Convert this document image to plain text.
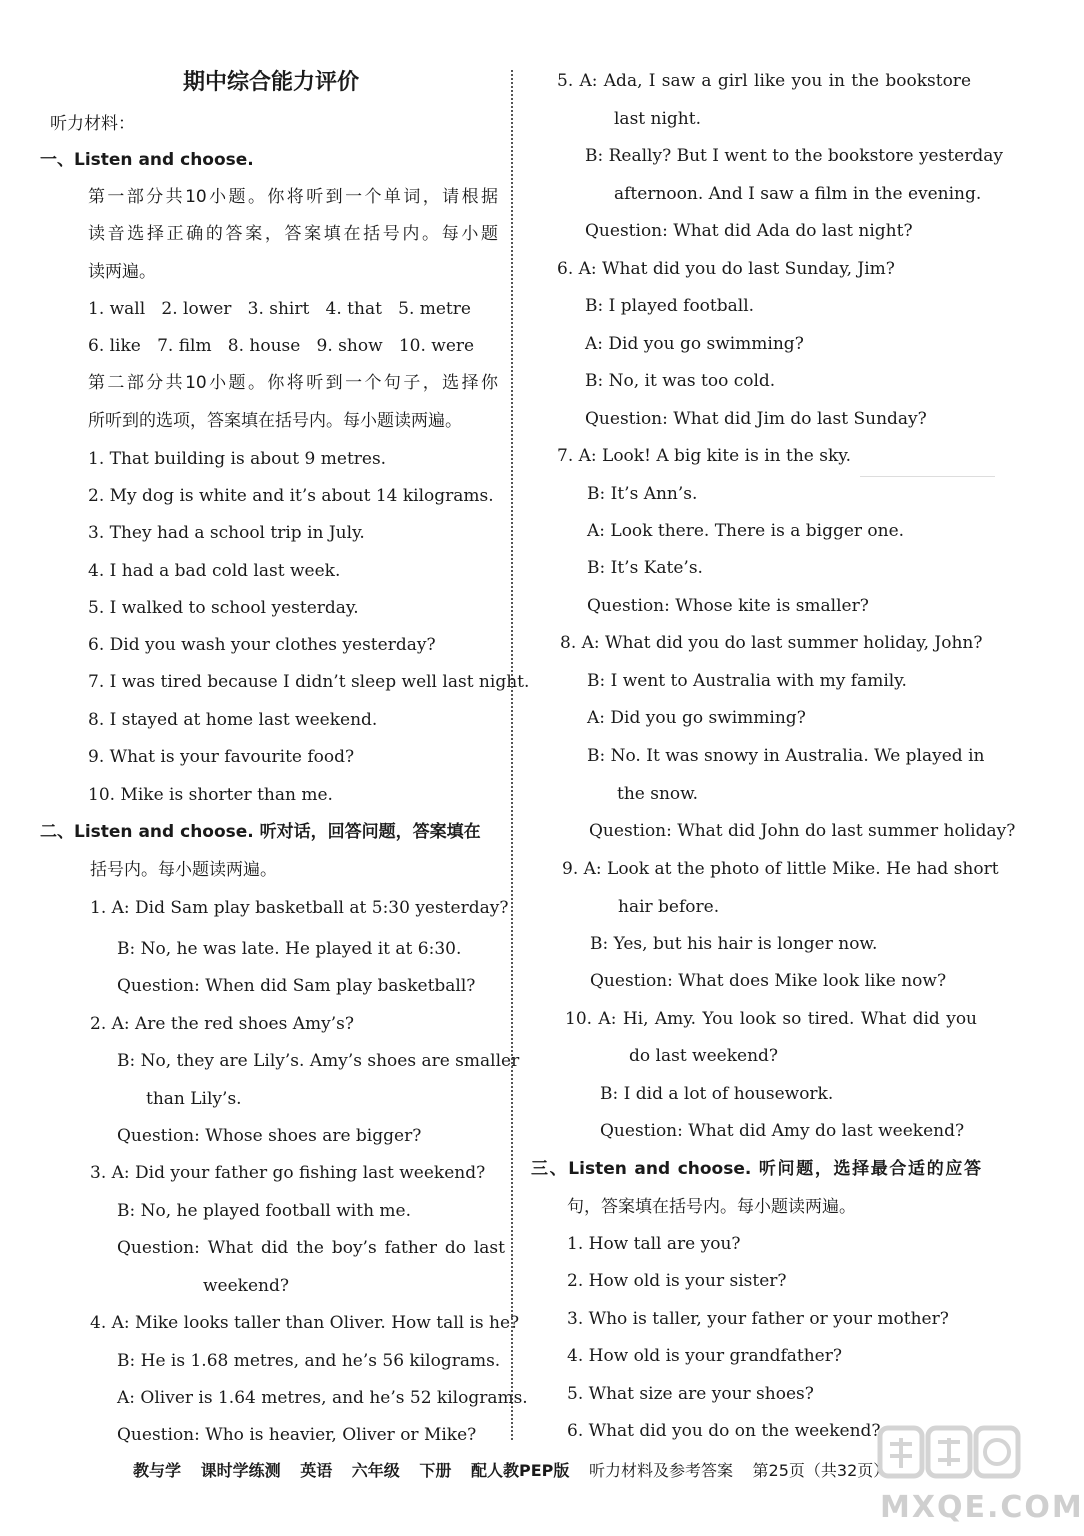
期中综合能力评价
听力材料：
一、Listen and choose.
第一部分共10小题。你将听到一个单词，请根据
读音选择正确的答案，答案填在括号内。每小题
读两遍。
1. wall   2. lower   3. shirt   4. that   5. metre
6. like   7. film   8. house   9. show   10. were
第二部分共10小题。你将听到一个句子，选择你
所听到的选项，答案填在括号内。每小题读两遍。
1. That building is about 9 metres.
2. My dog is white and it’s about 14 kilograms.
3. They had a school trip in July.
4. I had a bad cold last week.
5. I walked to school yesterday.
6. Did you wash your clothes yesterday?
7. I was tired because I didn’t sleep well last night.
8. I stayed at home last weekend.
9. What is your favourite food?
10. Mike is shorter than me.
二、Listen and choose. 听对话，回答问题，答案填在
括号内。每小题读两遍。
1. A: Did Sam play basketball at 5:30 yesterday?
B: No, he was late. He played it at 6:30.
Question: When did Sam play basketball?
2. A: Are the red shoes Amy’s?
B: No, they are Lily’s. Amy’s shoes are smaller
than Lily’s.
Question: Whose shoes are bigger?
3. A: Did your father go fishing last weekend?
B: No, he played football with me.
Question: What did the boy’s father do last
weekend?
4. A: Mike looks taller than Oliver. How tall is he?
B: He is 1.68 metres, and he’s 56 kilograms.
A: Oliver is 1.64 metres, and he’s 52 kilograms.
Question: Who is heavier, Oliver or Mike?
5. A: Ada, I saw a girl like you in the bookstore
last night.
B: Really? But I went to the bookstore yesterday
afternoon. And I saw a film in the evening.
Question: What did Ada do last night?
6. A: What did you do last Sunday, Jim?
B: I played football.
A: Did you go swimming?
B: No, it was too cold.
Question: What did Jim do last Sunday?
7. A: Look! A big kite is in the sky.
B: It’s Ann’s.
A: Look there. There is a bigger one.
B: It’s Kate’s.
Question: Whose kite is smaller?
8. A: What did you do last summer holiday, John?
B: I went to Australia with my family.
A: Did you go swimming?
B: No. It was snowy in Australia. We played in
the snow.
Question: What did John do last summer holiday?
9. A: Look at the photo of little Mike. He had short
hair before.
B: Yes, but his hair is longer now.
Question: What does Mike look like now?
10. A: Hi, Amy. You look so tired. What did you
do last weekend?
B: I did a lot of housework.
Question: What did Amy do last weekend?
三、Listen and choose. 听问题，选择最合适的应答
句，答案填在括号内。每小题读两遍。
1. How tall are you?
2. How old is your sister?
3. Who is taller, your father or your mother?
4. How old is your grandfather?
5. What size are your shoes?
6. What did you do on the weekend?
教与学 课时学练测 英语 六年级 下册 配人教PEP版 听力材料及参考答案 第25页（共32页）
MXQE.COM
